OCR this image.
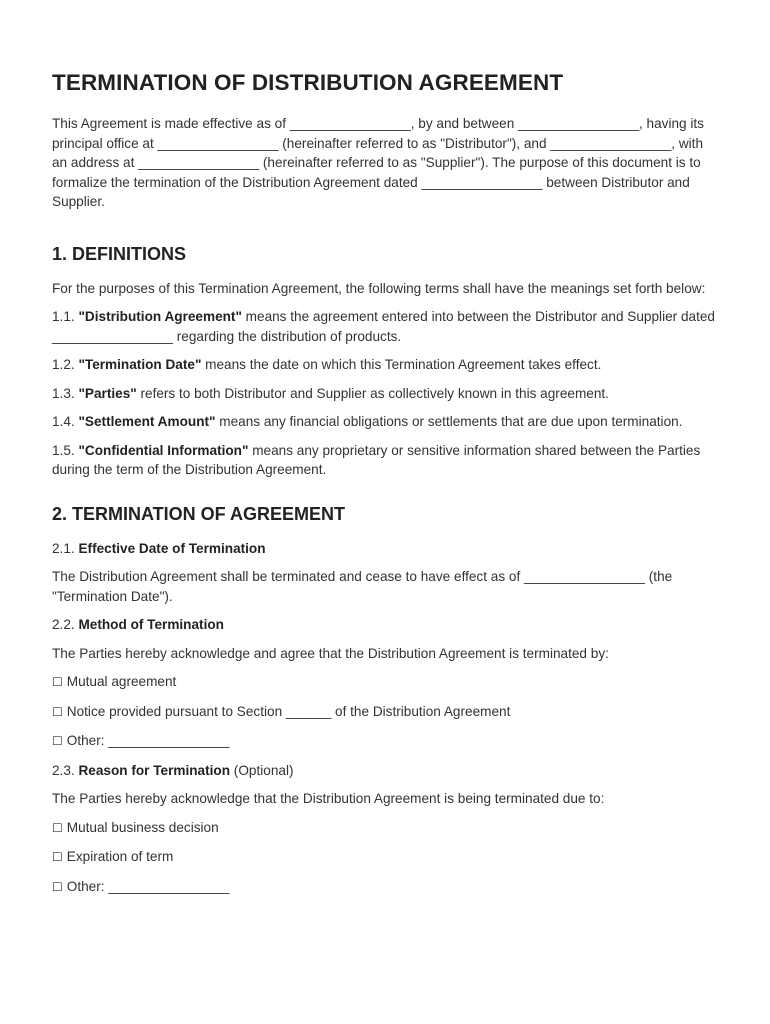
TERMINATION OF DISTRIBUTION AGREEMENT

This Agreement is made effective as of ________________, by and between ________________, having its principal office at ________________ (hereinafter referred to as "Distributor"), and ________________, with an address at ________________ (hereinafter referred to as "Supplier"). The purpose of this document is to formalize the termination of the Distribution Agreement dated ________________ between Distributor and Supplier.

1. DEFINITIONS

For the purposes of this Termination Agreement, the following terms shall have the meanings set forth below:

1.1. "Distribution Agreement" means the agreement entered into between the Distributor and Supplier dated ________________ regarding the distribution of products.

1.2. "Termination Date" means the date on which this Termination Agreement takes effect.

1.3. "Parties" refers to both Distributor and Supplier as collectively known in this agreement.

1.4. "Settlement Amount" means any financial obligations or settlements that are due upon termination.

1.5. "Confidential Information" means any proprietary or sensitive information shared between the Parties during the term of the Distribution Agreement.

2. TERMINATION OF AGREEMENT

2.1. Effective Date of Termination

The Distribution Agreement shall be terminated and cease to have effect as of ________________ (the "Termination Date").

2.2. Method of Termination

The Parties hereby acknowledge and agree that the Distribution Agreement is terminated by:

☐ Mutual agreement

☐ Notice provided pursuant to Section ______ of the Distribution Agreement

☐ Other: ________________

2.3. Reason for Termination (Optional)

The Parties hereby acknowledge that the Distribution Agreement is being terminated due to:

☐ Mutual business decision

☐ Expiration of term

☐ Other: ________________
